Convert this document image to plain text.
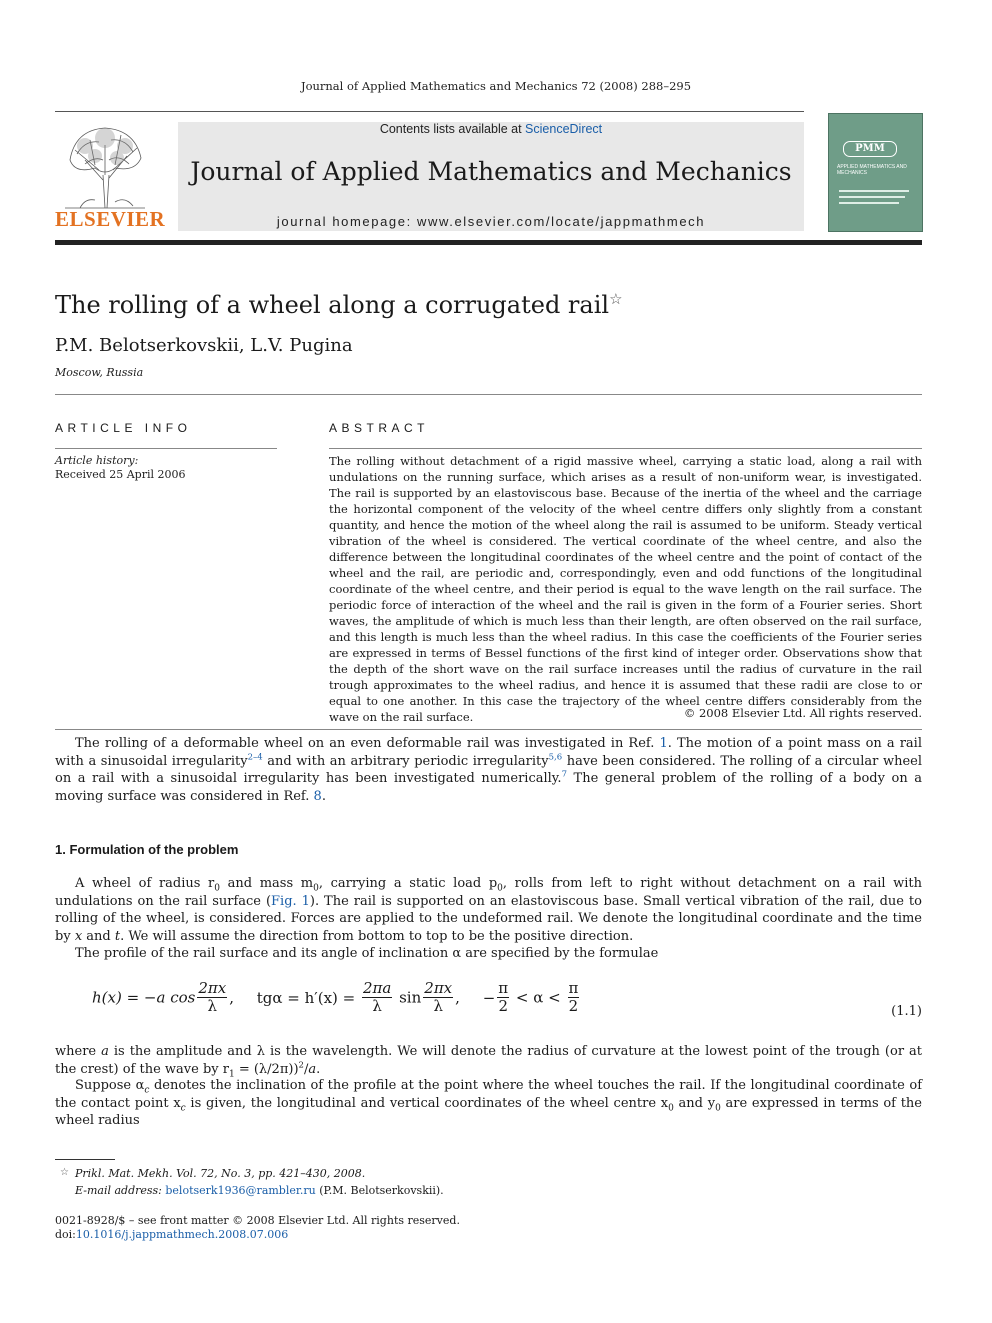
Journal of Applied Mathematics and Mechanics 72 (2008) 288–295
ELSEVIER
Contents lists available at ScienceDirect
Journal of Applied Mathematics and Mechanics
journal homepage: www.elsevier.com/locate/jappmathmech
PMM
APPLIED MATHEMATICS AND MECHANICS
The rolling of a wheel along a corrugated rail☆
P.M. Belotserkovskii, L.V. Pugina
Moscow, Russia
ARTICLE INFO
Article history:
Received 25 April 2006
ABSTRACT
The rolling without detachment of a rigid massive wheel, carrying a static load, along a rail with undulations on the running surface, which arises as a result of non-uniform wear, is investigated. The rail is supported by an elastoviscous base. Because of the inertia of the wheel and the carriage the horizontal component of the velocity of the wheel centre differs only slightly from a constant quantity, and hence the motion of the wheel along the rail is assumed to be uniform. Steady vertical vibration of the wheel is considered. The vertical coordinate of the wheel centre, and also the difference between the longitudinal coordinates of the wheel centre and the point of contact of the wheel and the rail, are periodic and, correspondingly, even and odd functions of the longitudinal coordinate of the wheel centre, and their period is equal to the wave length on the rail surface. The periodic force of interaction of the wheel and the rail is given in the form of a Fourier series. Short waves, the amplitude of which is much less than their length, are often observed on the rail surface, and this length is much less than the wheel radius. In this case the coefficients of the Fourier series are expressed in terms of Bessel functions of the first kind of integer order. Observations show that the depth of the short wave on the rail surface increases until the radius of curvature in the rail trough approximates to the wheel radius, and hence it is assumed that these radii are close to or equal to one another. In this case the trajectory of the wheel centre differs considerably from the wave on the rail surface.	© 2008 Elsevier Ltd. All rights reserved.
The rolling of a deformable wheel on an even deformable rail was investigated in Ref. 1. The motion of a point mass on a rail with a sinusoidal irregularity$^{2-4}$ and with an arbitrary periodic irregularity$^{5,6}$ have been considered. The rolling of a circular wheel on a rail with a sinusoidal irregularity has been investigated numerically.$^7$ The general problem of the rolling of a body on a moving surface was considered in Ref. 8.
1. Formulation of the problem
A wheel of radius $r_0$ and mass $m_0$, carrying a static load $p_0$, rolls from left to right without detachment on a rail with undulations on the rail surface (Fig. 1). The rail is supported on an elastoviscous base. Small vertical vibration of the rail, due to rolling of the wheel, is considered. Forces are applied to the undeformed rail. We denote the longitudinal coordinate and the time by x and t. We will assume the direction from bottom to top to be the positive direction.
The profile of the rail surface and its angle of inclination α are specified by the formulae
h(x) = −a $\cos \frac{2\pi x}{\lambda}$ , $tg\alpha = h'(x) = \frac{2\pi a}{\lambda}$ $\sin \frac{2\pi x}{\lambda}$ , − $\frac{\pi}{2} < \alpha < \frac{\pi}{2}$	(1.1)
where a is the amplitude and λ is the wavelength. We will denote the radius of curvature at the lowest point of the trough (or at the crest) of the wave by $r_1 = (\lambda/2\pi))^2/a$.
Suppose $\alpha_c$ denotes the inclination of the profile at the point where the wheel touches the rail. If the longitudinal coordinate of the contact point $x_c$ is given, the longitudinal and vertical coordinates of the wheel centre $x_0$ and $y_0$ are expressed in terms of the wheel radius
☆ Prikl. Mat. Mekh. Vol. 72, No. 3, pp. 421–430, 2008.
E-mail address: belotserk1936@rambler.ru (P.M. Belotserkovskii).
0021-8928/$ – see front matter © 2008 Elsevier Ltd. All rights reserved.
doi:10.1016/j.jappmathmech.2008.07.006
